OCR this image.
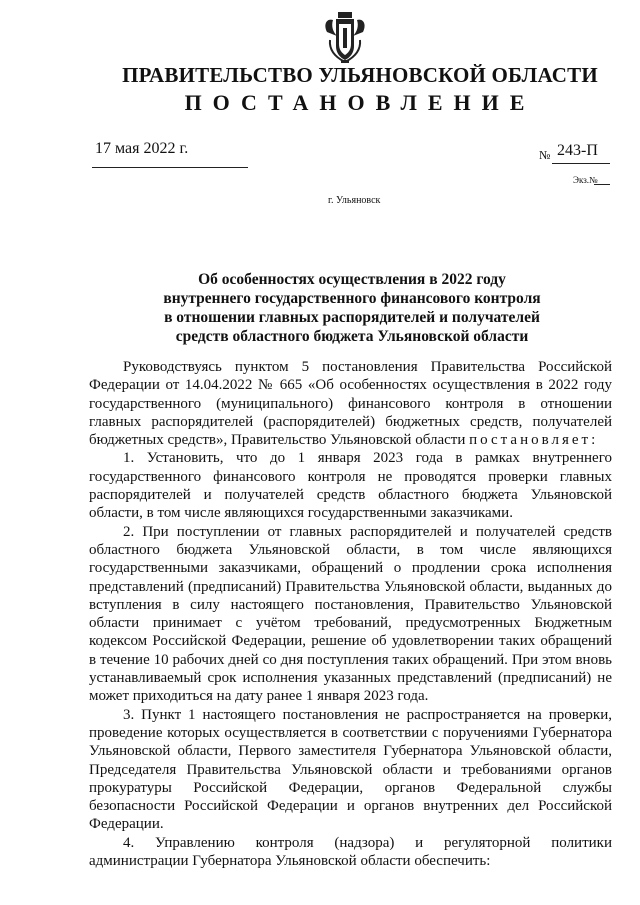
ПРАВИТЕЛЬСТВО УЛЬЯНОВСКОЙ ОБЛАСТИ
ПОСТАНОВЛЕНИЕ
17 мая 2022 г.	№ 243-П
Экз.№
г. Ульяновск
Об особенностях осуществления в 2022 году
внутреннего государственного финансового контроля
в отношении главных распорядителей и получателей
средств областного бюджета Ульяновской области

Руководствуясь пунктом 5 постановления Правительства Российской Федерации от 14.04.2022 № 665 «Об особенностях осуществления в 2022 году государственного (муниципального) финансового контроля в отношении главных распорядителей (распорядителей) бюджетных средств, получателей бюджетных средств», Правительство Ульяновской области постановляет:

1. Установить, что до 1 января 2023 года в рамках внутреннего государственного финансового контроля не проводятся проверки главных распорядителей и получателей средств областного бюджета Ульяновской области, в том числе являющихся государственными заказчиками.

2. При поступлении от главных распорядителей и получателей средств областного бюджета Ульяновской области, в том числе являющихся государственными заказчиками, обращений о продлении срока исполнения представлений (предписаний) Правительства Ульяновской области, выданных до вступления в силу настоящего постановления, Правительство Ульяновской области принимает с учётом требований, предусмотренных Бюджетным кодексом Российской Федерации, решение об удовлетворении таких обращений в течение 10 рабочих дней со дня поступления таких обращений. При этом вновь устанавливаемый срок исполнения указанных представлений (предписаний) не может приходиться на дату ранее 1 января 2023 года.

3. Пункт 1 настоящего постановления не распространяется на проверки, проведение которых осуществляется в соответствии с поручениями Губернатора Ульяновской области, Первого заместителя Губернатора Ульяновской области, Председателя Правительства Ульяновской области и требованиями органов прокуратуры Российской Федерации, органов Федеральной службы безопасности Российской Федерации и органов внутренних дел Российской Федерации.

4. Управлению контроля (надзора) и регуляторной политики администрации Губернатора Ульяновской области обеспечить:
